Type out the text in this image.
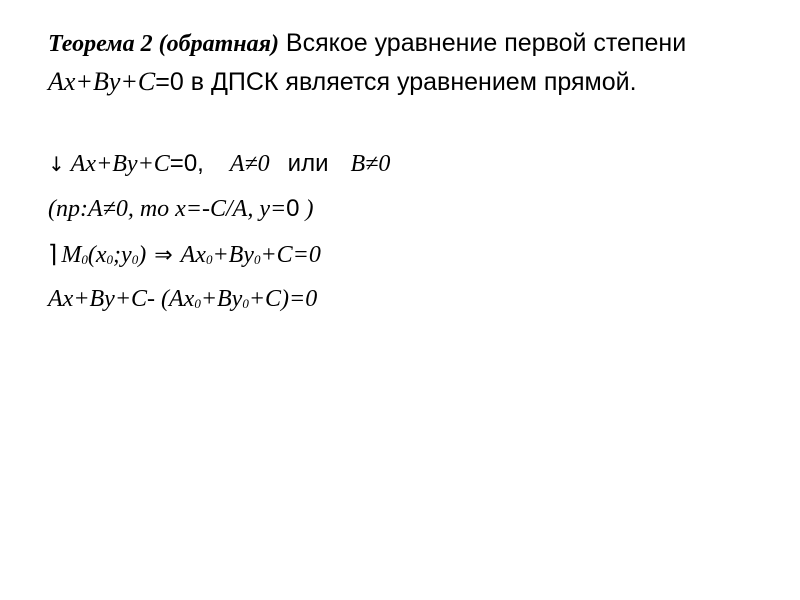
Теорема 2 (обратная) Всякое уравнение первой степени Ax+By+C=0 в ДПСК является уравнением прямой.
↓ Ax+By+C=0, A≠0 или B≠0
(пр:A≠0, то x=-C/A, y=0 )
⌉ $M_0(x_0;y_0)$ ⇒ $Ax_0+By_0+C=0$
Ax+By+C- $(Ax_0+By_0+C)=0$
